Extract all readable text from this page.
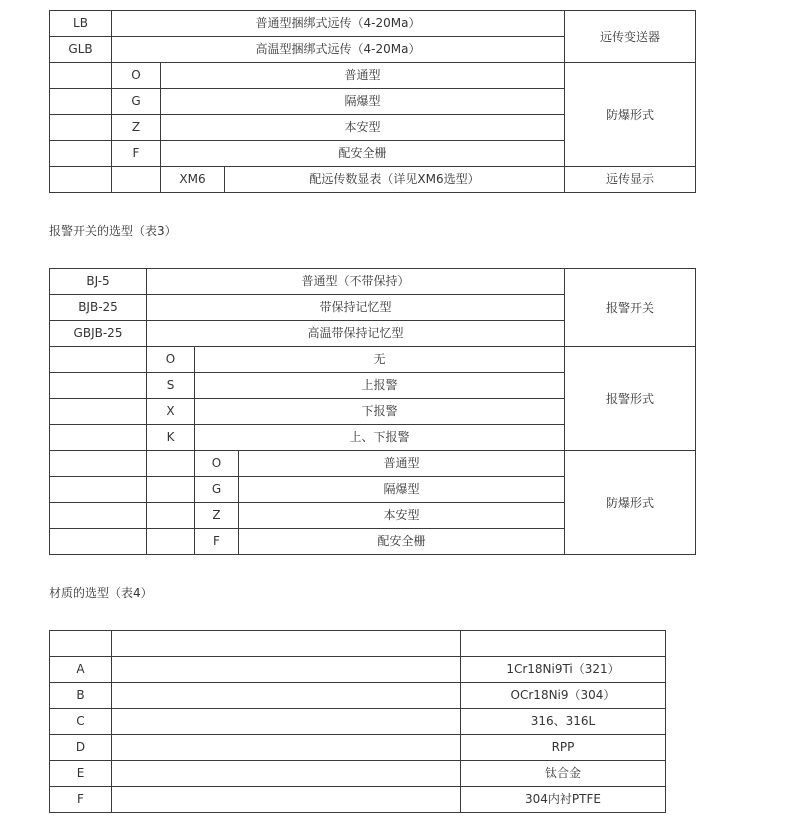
LB	普通型捆绑式远传（4-20Ma）			远传变送器
GLB	高温型捆绑式远传（4-20Ma）			
	O	普通型		防爆形式
	G	隔爆型		
	Z	本安型		
	F	配安全栅		
		XM6	配远传数显表（详见XM6选型）	远传显示
报警开关的选型（表3）
BJ-5	普通型（不带保持）			报警开关
BJB-25	带保持记忆型			
GBJB-25	高温带保持记忆型			
	O	无		报警形式
	S	上报警		
	X	下报警		
	K	上、下报警		
		O	普通型	防爆形式
		G	隔爆型	
		Z	本安型	
		F	配安全栅	
材质的选型（表4）

A		1Cr18Ni9Ti（321）
B		OCr18Ni9（304）
C		316、316L
D		RPP
E		钛合金
F		304内衬PTFE
